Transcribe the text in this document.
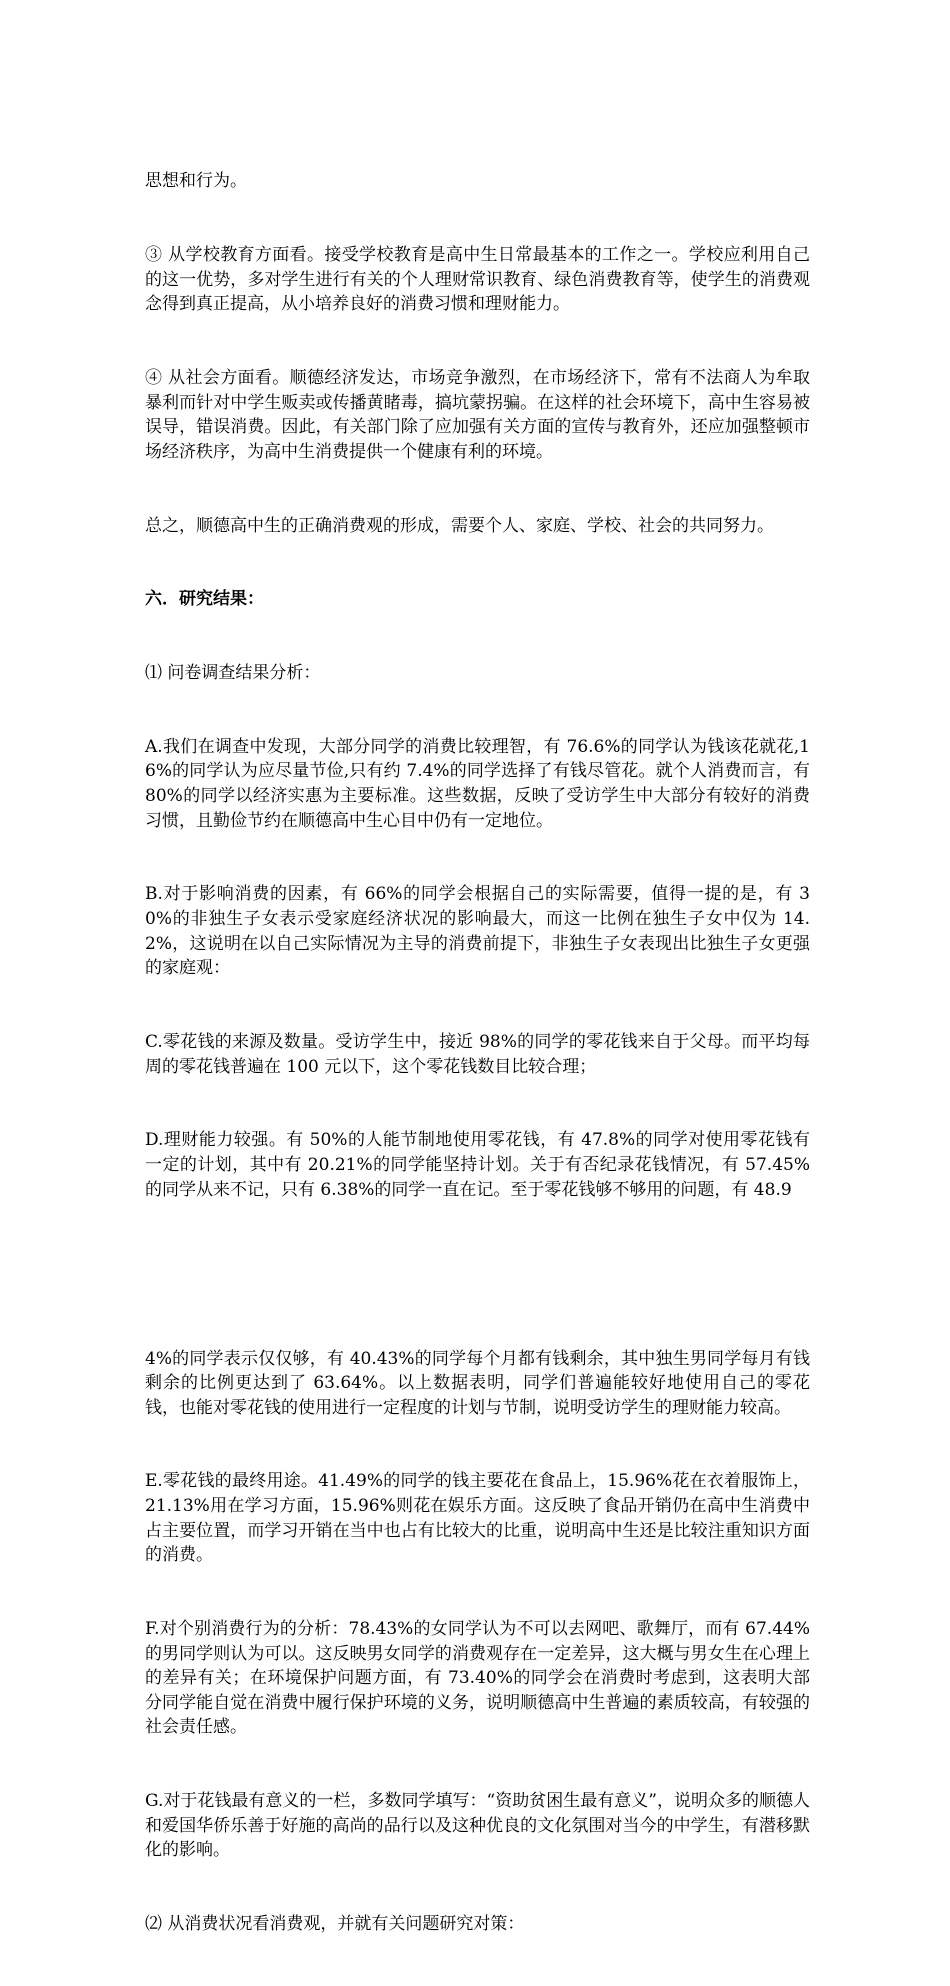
思想和行为。

③ 从学校教育方面看。接受学校教育是高中生日常最基本的工作之一。学校应利用自己的这一优势，多对学生进行有关的个人理财常识教育、绿色消费教育等，使学生的消费观念得到真正提高，从小培养良好的消费习惯和理财能力。

④ 从社会方面看。顺德经济发达，市场竞争激烈，在市场经济下，常有不法商人为牟取暴利而针对中学生贩卖或传播黄睹毒，搞坑蒙拐骗。在这样的社会环境下，高中生容易被误导，错误消费。因此，有关部门除了应加强有关方面的宣传与教育外，还应加强整顿市场经济秩序，为高中生消费提供一个健康有利的环境。

总之，顺德高中生的正确消费观的形成，需要个人、家庭、学校、社会的共同努力。

六．研究结果：

⑴ 问卷调查结果分析：

A.我们在调查中发现，大部分同学的消费比较理智，有 76.6%的同学认为钱该花就花,16%的同学认为应尽量节俭,只有约 7.4%的同学选择了有钱尽管花。就个人消费而言，有 80%的同学以经济实惠为主要标准。这些数据，反映了受访学生中大部分有较好的消费习惯，且勤俭节约在顺德高中生心目中仍有一定地位。

B.对于影响消费的因素，有 66%的同学会根据自己的实际需要，值得一提的是，有 30%的非独生子女表示受家庭经济状况的影响最大，而这一比例在独生子女中仅为 14.2%，这说明在以自己实际情况为主导的消费前提下，非独生子女表现出比独生子女更强的家庭观：

C.零花钱的来源及数量。受访学生中，接近 98%的同学的零花钱来自于父母。而平均每周的零花钱普遍在 100 元以下，这个零花钱数目比较合理；

D.理财能力较强。有 50%的人能节制地使用零花钱，有 47.8%的同学对使用零花钱有一定的计划，其中有 20.21%的同学能坚持计划。关于有否纪录花钱情况，有 57.45%的同学从来不记，只有 6.38%的同学一直在记。至于零花钱够不够用的问题，有 48.9

4%的同学表示仅仅够，有 40.43%的同学每个月都有钱剩余，其中独生男同学每月有钱剩余的比例更达到了 63.64%。以上数据表明，同学们普遍能较好地使用自己的零花钱，也能对零花钱的使用进行一定程度的计划与节制，说明受访学生的理财能力较高。

E.零花钱的最终用途。41.49%的同学的钱主要花在食品上，15.96%花在衣着服饰上，21.13%用在学习方面，15.96%则花在娱乐方面。这反映了食品开销仍在高中生消费中占主要位置，而学习开销在当中也占有比较大的比重，说明高中生还是比较注重知识方面的消费。

F.对个别消费行为的分析：78.43%的女同学认为不可以去网吧、歌舞厅，而有 67.44%的男同学则认为可以。这反映男女同学的消费观存在一定差异，这大概与男女生在心理上的差异有关；在环境保护问题方面，有 73.40%的同学会在消费时考虑到，这表明大部分同学能自觉在消费中履行保护环境的义务，说明顺德高中生普遍的素质较高，有较强的社会责任感。

G.对于花钱最有意义的一栏，多数同学填写：“资助贫困生最有意义”，说明众多的顺德人和爱国华侨乐善于好施的高尚的品行以及这种优良的文化氛围对当今的中学生，有潜移默化的影响。

⑵ 从消费状况看消费观，并就有关问题研究对策：
